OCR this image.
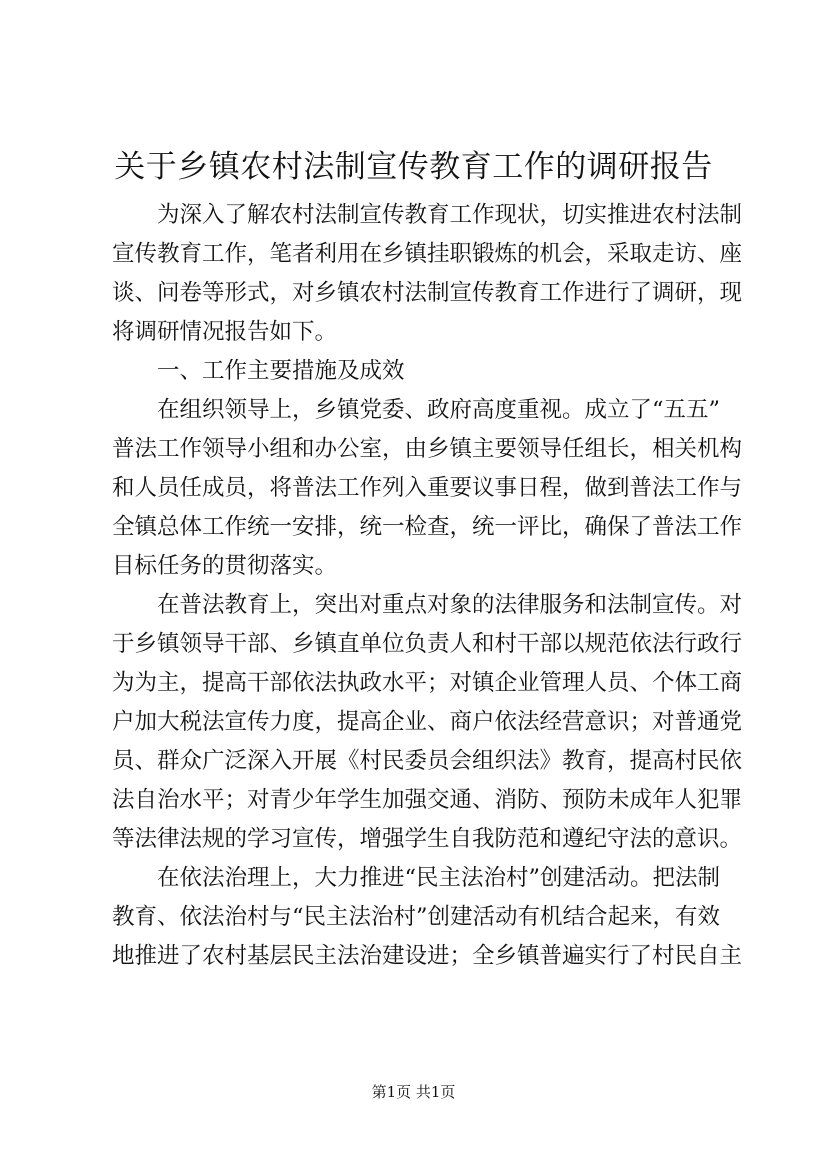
关于乡镇农村法制宣传教育工作的调研报告
为深入了解农村法制宣传教育工作现状，切实推进农村法制
宣传教育工作，笔者利用在乡镇挂职锻炼的机会，采取走访、座
谈、问卷等形式，对乡镇农村法制宣传教育工作进行了调研，现
将调研情况报告如下。
一、工作主要措施及成效
在组织领导上，乡镇党委、政府高度重视。成立了“五五”
普法工作领导小组和办公室，由乡镇主要领导任组长，相关机构
和人员任成员，将普法工作列入重要议事日程，做到普法工作与
全镇总体工作统一安排，统一检查，统一评比，确保了普法工作
目标任务的贯彻落实。
在普法教育上，突出对重点对象的法律服务和法制宣传。对
于乡镇领导干部、乡镇直单位负责人和村干部以规范依法行政行
为为主，提高干部依法执政水平；对镇企业管理人员、个体工商
户加大税法宣传力度，提高企业、商户依法经营意识；对普通党
员、群众广泛深入开展《村民委员会组织法》教育，提高村民依
法自治水平；对青少年学生加强交通、消防、预防未成年人犯罪
等法律法规的学习宣传，增强学生自我防范和遵纪守法的意识。
在依法治理上，大力推进“民主法治村”创建活动。把法制
教育、依法治村与“民主法治村”创建活动有机结合起来，有效
地推进了农村基层民主法治建设进；全乡镇普遍实行了村民自主
第1页 共1页
